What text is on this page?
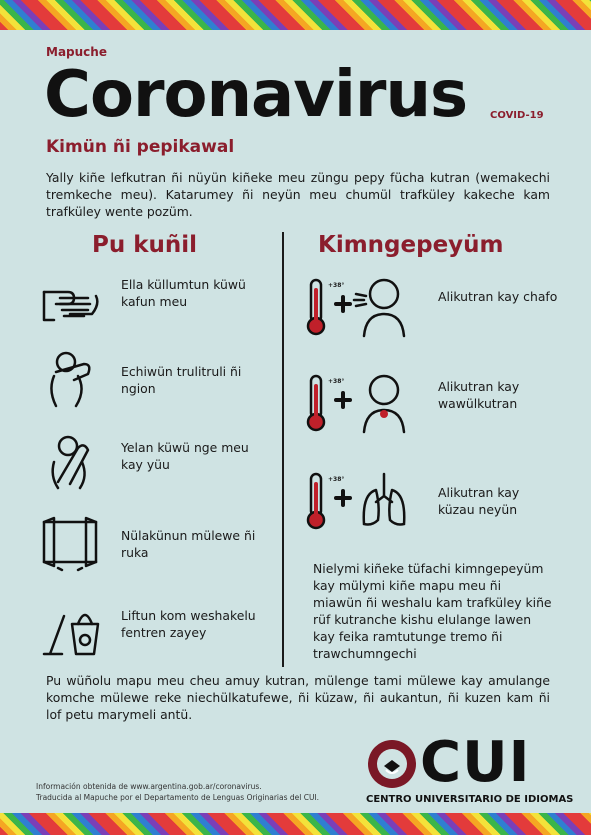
Mapuche
Coronavirus COVID-19
Kimün ñi pepikawal
Yally kiñe lefkutran ñi nüyün kiñeke meu züngu pepy fücha kutran (wemakechi tremkeche meu). Katarumey ñi neyün meu chumül trafküley kakeche kam trafküley wente pozüm.
Pu kuñil
Ella küllumtun küwü kafun meu
Echiwün trulitruli ñi ngion
Yelan küwü nge meu kay yüu
Nülakünun mülewe ñi ruka
Liftun kom weshakelu fentren zayey
Kimngepeyüm
+38°
Alikutran kay chafo
+38°	Alikutran kay wawülkutran
+38°
Alikutran kay küzau neyün
Nielymi kiñeke tüfachi kimngepeyüm kay mülymi kiñe mapu meu ñi miawün ñi weshalu kam trafküley kiñe rüf kutranche kishu elulange lawen kay feika ramtutunge tremo ñi trawchumngechi
Pu wüñolu mapu meu cheu amuy kutran, mülenge tami mülewe kay amulange komche mülewe reke niechülkatufewe, ñi küzaw, ñi aukantun, ñi kuzen kam ñi lof petu marymeli antü.
Información obtenida de www.argentina.gob.ar/coronavirus.
Traducida al Mapuche por el Departamento de Lenguas Originarias del CUI.
CUI
CENTRO UNIVERSITARIO DE IDIOMAS
